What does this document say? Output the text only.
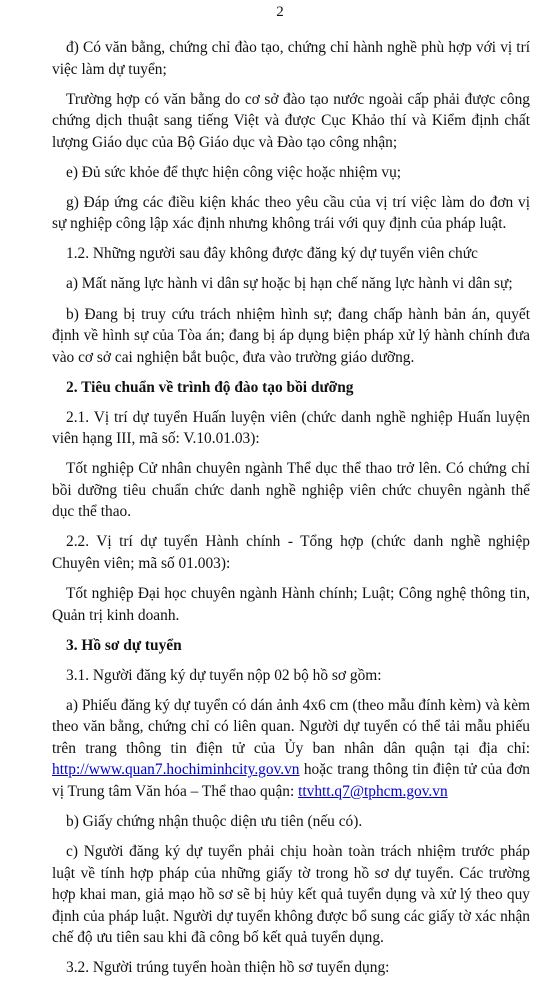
2

đ) Có văn bằng, chứng chỉ đào tạo, chứng chỉ hành nghề phù hợp với vị trí việc làm dự tuyển;

Trường hợp có văn bằng do cơ sở đào tạo nước ngoài cấp phải được công chứng dịch thuật sang tiếng Việt và được Cục Khảo thí và Kiểm định chất lượng Giáo dục của Bộ Giáo dục và Đào tạo công nhận;

e) Đủ sức khỏe để thực hiện công việc hoặc nhiệm vụ;

g) Đáp ứng các điều kiện khác theo yêu cầu của vị trí việc làm do đơn vị sự nghiệp công lập xác định nhưng không trái với quy định của pháp luật.

1.2. Những người sau đây không được đăng ký dự tuyển viên chức

a) Mất năng lực hành vi dân sự hoặc bị hạn chế năng lực hành vi dân sự;

b) Đang bị truy cứu trách nhiệm hình sự; đang chấp hành bản án, quyết định về hình sự của Tòa án; đang bị áp dụng biện pháp xử lý hành chính đưa vào cơ sở cai nghiện bắt buộc, đưa vào trường giáo dưỡng.

2. Tiêu chuẩn về trình độ đào tạo bồi dưỡng

2.1. Vị trí dự tuyển Huấn luyện viên (chức danh nghề nghiệp Huấn luyện viên hạng III, mã số: V.10.01.03):

Tốt nghiệp Cử nhân chuyên ngành Thể dục thể thao trở lên. Có chứng chỉ bồi dưỡng tiêu chuẩn chức danh nghề nghiệp viên chức chuyên ngành thể dục thể thao.

2.2. Vị trí dự tuyển Hành chính - Tổng hợp (chức danh nghề nghiệp Chuyên viên; mã số 01.003):

Tốt nghiệp Đại học chuyên ngành Hành chính; Luật; Công nghệ thông tin, Quản trị kinh doanh.

3. Hồ sơ dự tuyển

3.1. Người đăng ký dự tuyển nộp 02 bộ hồ sơ gồm:

a) Phiếu đăng ký dự tuyển có dán ảnh 4x6 cm (theo mẫu đính kèm) và kèm theo văn bằng, chứng chỉ có liên quan. Người dự tuyển có thể tải mẫu phiếu trên trang thông tin điện tử của Ủy ban nhân dân quận tại địa chỉ: http://www.quan7.hochiminhcity.gov.vn hoặc trang thông tin điện tử của đơn vị Trung tâm Văn hóa – Thể thao quận: ttvhtt.q7@tphcm.gov.vn

b) Giấy chứng nhận thuộc diện ưu tiên (nếu có).

c) Người đăng ký dự tuyển phải chịu hoàn toàn trách nhiệm trước pháp luật về tính hợp pháp của những giấy tờ trong hồ sơ dự tuyển. Các trường hợp khai man, giả mạo hồ sơ sẽ bị hủy kết quả tuyển dụng và xử lý theo quy định của pháp luật. Người dự tuyển không được bổ sung các giấy tờ xác nhận chế độ ưu tiên sau khi đã công bố kết quả tuyển dụng.

3.2. Người trúng tuyển hoàn thiện hồ sơ tuyển dụng:
